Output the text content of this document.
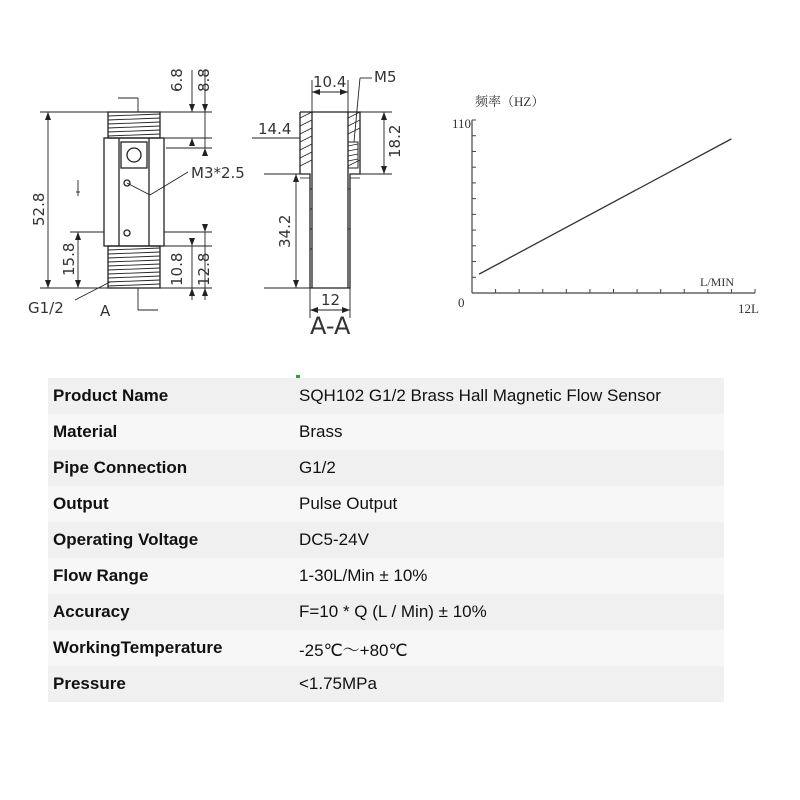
6.8 8.8
52.8
15.8	10.8 12.8
M3*2.5
G1/2 A
10.4
14.4	18.2
34.2
12
M5
A-A
频率（HZ）
110
0
L/MIN
12L
Product Name	SQH102 G1/2 Brass Hall Magnetic Flow Sensor
Material	Brass
Pipe Connection	G1/2
Output	Pulse Output
Operating Voltage	DC5-24V
Flow Range	1-30L/Min ± 10%
Accuracy	F=10 * Q (L / Min) ± 10%
WorkingTemperature	-25℃～+80℃
Pressure	<1.75MPa
